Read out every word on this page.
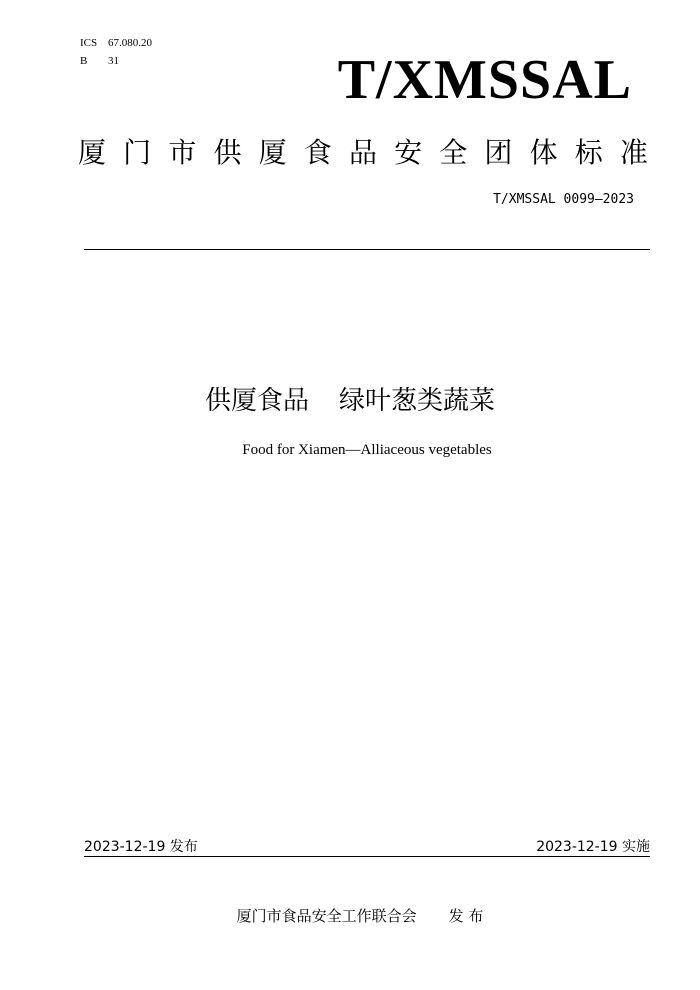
ICS 67.080.20
B 31	T/XMSSAL
厦 门 市 供 厦 食 品 安 全 团 体 标 准
T/XMSSAL 0099—2023
供厦食品 绿叶葱类蔬菜
Food for Xiamen—Alliaceous vegetables
2023-12-19 发布	2023-12-19 实施
厦门市食品安全工作联合会 发 布
